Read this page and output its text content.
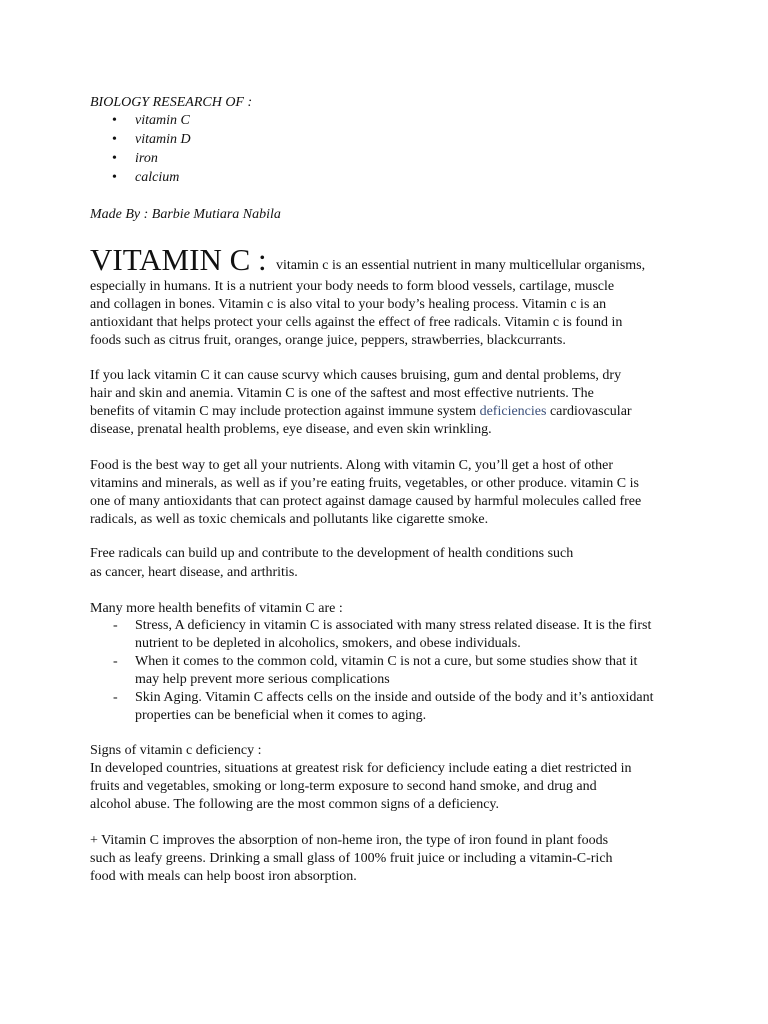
BIOLOGY RESEARCH OF :
• vitamin C
• vitamin D
• iron
• calcium
Made By : Barbie Mutiara Nabila
VITAMIN C : vitamin c is an essential nutrient in many multicellular organisms,
especially in humans. It is a nutrient your body needs to form blood vessels, cartilage, muscle
and collagen in bones. Vitamin c is also vital to your body’s healing process. Vitamin c is an
antioxidant that helps protect your cells against the effect of free radicals. Vitamin c is found in
foods such as citrus fruit, oranges, orange juice, peppers, strawberries, blackcurrants.
If you lack vitamin C it can cause scurvy which causes bruising, gum and dental problems, dry
hair and skin and anemia. Vitamin C is one of the saftest and most effective nutrients. The
benefits of vitamin C may include protection against immune system deficiencies cardiovascular
disease, prenatal health problems, eye disease, and even skin wrinkling.
Food is the best way to get all your nutrients. Along with vitamin C, you’ll get a host of other
vitamins and minerals, as well as if you’re eating fruits, vegetables, or other produce. vitamin C is
one of many antioxidants that can protect against damage caused by harmful molecules called free
radicals, as well as toxic chemicals and pollutants like cigarette smoke.
Free radicals can build up and contribute to the development of health conditions such
as cancer, heart disease, and arthritis.
Many more health benefits of vitamin C are :
- Stress, A deficiency in vitamin C is associated with many stress related disease. It is the first
nutrient to be depleted in alcoholics, smokers, and obese individuals.
- When it comes to the common cold, vitamin C is not a cure, but some studies show that it
may help prevent more serious complications
- Skin Aging. Vitamin C affects cells on the inside and outside of the body and it’s antioxidant
properties can be beneficial when it comes to aging.
Signs of vitamin c deficiency :
In developed countries, situations at greatest risk for deficiency include eating a diet restricted in
fruits and vegetables, smoking or long-term exposure to second hand smoke, and drug and
alcohol abuse. The following are the most common signs of a deficiency.
+ Vitamin C improves the absorption of non-heme iron, the type of iron found in plant foods
such as leafy greens. Drinking a small glass of 100% fruit juice or including a vitamin-C-rich
food with meals can help boost iron absorption.
